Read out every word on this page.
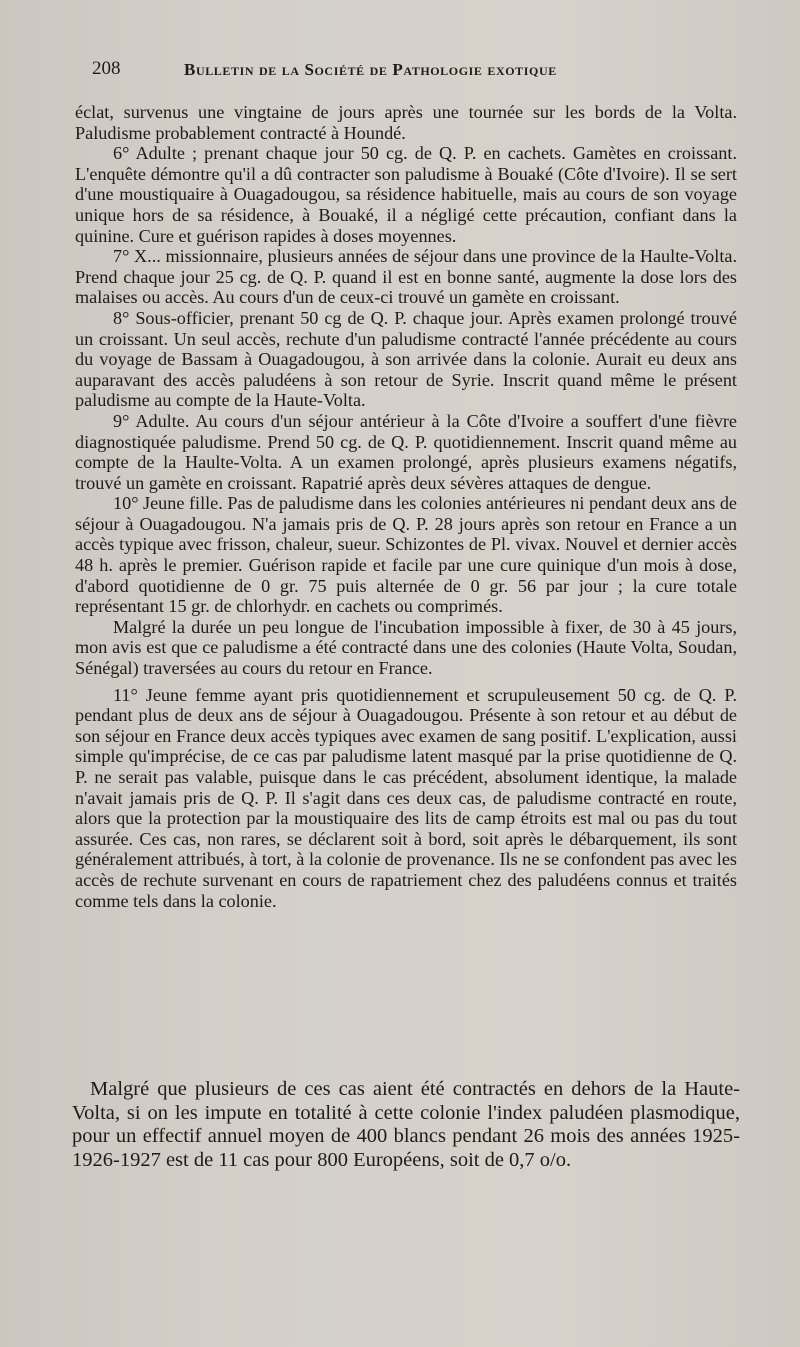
208	Bulletin de la Société de Pathologie exotique

éclat, survenus une vingtaine de jours après une tournée sur les bords de la Volta. Paludisme probablement contracté à Houndé.

6° Adulte ; prenant chaque jour 50 cg. de Q. P. en cachets. Gamètes en croissant. L'enquête démontre qu'il a dû contracter son paludisme à Bouaké (Côte d'Ivoire). Il se sert d'une moustiquaire à Ouagadougou, sa résidence habituelle, mais au cours de son voyage unique hors de sa résidence, à Bouaké, il a négligé cette précaution, confiant dans la quinine. Cure et guérison rapides à doses moyennes.

7° X... missionnaire, plusieurs années de séjour dans une province de la Haulte-Volta. Prend chaque jour 25 cg. de Q. P. quand il est en bonne santé, augmente la dose lors des malaises ou accès. Au cours d'un de ceux-ci trouvé un gamète en croissant.

8° Sous-officier, prenant 50 cg de Q. P. chaque jour. Après examen prolongé trouvé un croissant. Un seul accès, rechute d'un paludisme contracté l'année précédente au cours du voyage de Bassam à Ouagadougou, à son arrivée dans la colonie. Aurait eu deux ans auparavant des accès paludéens à son retour de Syrie. Inscrit quand même le présent paludisme au compte de la Haute-Volta.

9° Adulte. Au cours d'un séjour antérieur à la Côte d'Ivoire a souffert d'une fièvre diagnostiquée paludisme. Prend 50 cg. de Q. P. quotidiennement. Inscrit quand même au compte de la Haulte-Volta. A un examen prolongé, après plusieurs examens négatifs, trouvé un gamète en croissant. Rapatrié après deux sévères attaques de dengue.

10° Jeune fille. Pas de paludisme dans les colonies antérieures ni pendant deux ans de séjour à Ouagadougou. N'a jamais pris de Q. P. 28 jours après son retour en France a un accès typique avec frisson, chaleur, sueur. Schizontes de Pl. vivax. Nouvel et dernier accès 48 h. après le premier. Guérison rapide et facile par une cure quinique d'un mois à dose, d'abord quotidienne de 0 gr. 75 puis alternée de 0 gr. 56 par jour ; la cure totale représentant 15 gr. de chlorhydr. en cachets ou comprimés.

Malgré la durée un peu longue de l'incubation impossible à fixer, de 30 à 45 jours, mon avis est que ce paludisme a été contracté dans une des colonies (Haute Volta, Soudan, Sénégal) traversées au cours du retour en France.

11° Jeune femme ayant pris quotidiennement et scrupuleusement 50 cg. de Q. P. pendant plus de deux ans de séjour à Ouagadougou. Présente à son retour et au début de son séjour en France deux accès typiques avec examen de sang positif. L'explication, aussi simple qu'imprécise, de ce cas par paludisme latent masqué par la prise quotidienne de Q. P. ne serait pas valable, puisque dans le cas précédent, absolument identique, la malade n'avait jamais pris de Q. P. Il s'agit dans ces deux cas, de paludisme contracté en route, alors que la protection par la moustiquaire des lits de camp étroits est mal ou pas du tout assurée. Ces cas, non rares, se déclarent soit à bord, soit après le débarquement, ils sont généralement attribués, à tort, à la colonie de provenance. Ils ne se confondent pas avec les accès de rechute survenant en cours de rapatriement chez des paludéens connus et traités comme tels dans la colonie.

Malgré que plusieurs de ces cas aient été contractés en dehors de la Haute-Volta, si on les impute en totalité à cette colonie l'index paludéen plasmodique, pour un effectif annuel moyen de 400 blancs pendant 26 mois des années 1925-1926-1927 est de 11 cas pour 800 Européens, soit de 0,7 o/o.
